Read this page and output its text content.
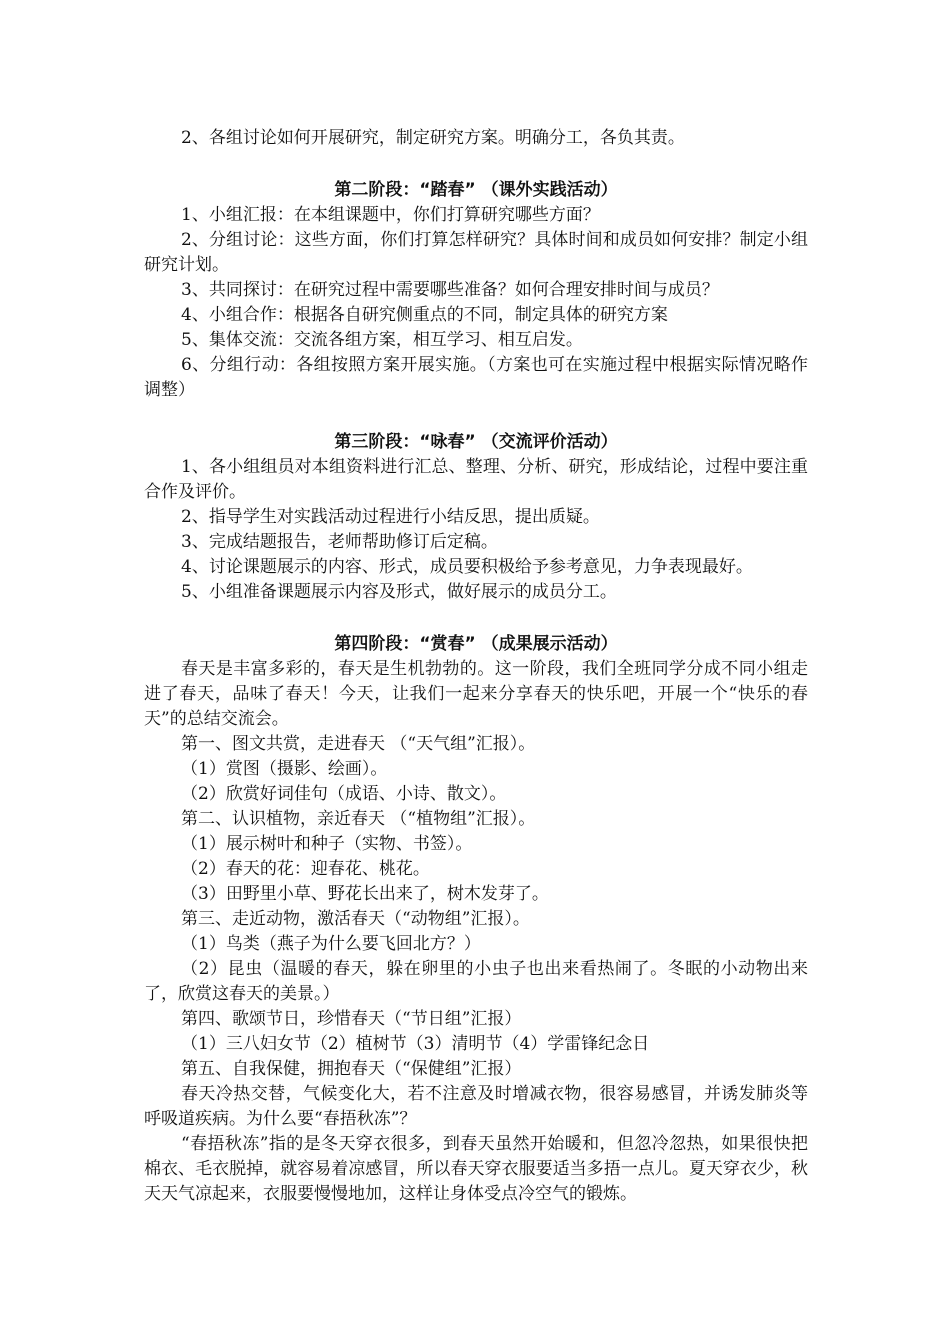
2、各组讨论如何开展研究，制定研究方案。明确分工，各负其责。

第二阶段：“踏春” （课外实践活动）

1、小组汇报：在本组课题中，你们打算研究哪些方面？

2、分组讨论：这些方面，你们打算怎样研究？具体时间和成员如何安排？制定小组研究计划。

3、共同探讨：在研究过程中需要哪些准备？如何合理安排时间与成员？

4、小组合作：根据各自研究侧重点的不同，制定具体的研究方案

5、集体交流：交流各组方案，相互学习、相互启发。

6、分组行动：各组按照方案开展实施。（方案也可在实施过程中根据实际情况略作调整）

第三阶段：“咏春” （交流评价活动）

1、各小组组员对本组资料进行汇总、整理、分析、研究，形成结论，过程中要注重合作及评价。

2、指导学生对实践活动过程进行小结反思，提出质疑。

3、完成结题报告，老师帮助修订后定稿。

4、讨论课题展示的内容、形式，成员要积极给予参考意见，力争表现最好。

5、小组准备课题展示内容及形式，做好展示的成员分工。

第四阶段：“赏春” （成果展示活动）

春天是丰富多彩的，春天是生机勃勃的。这一阶段，我们全班同学分成不同小组走进了春天，品味了春天！今天，让我们一起来分享春天的快乐吧，开展一个“快乐的春天”的总结交流会。

第一、图文共赏，走进春天 （“天气组”汇报）。

（1）赏图（摄影、绘画）。

（2）欣赏好词佳句（成语、小诗、散文）。

第二、认识植物，亲近春天 （“植物组”汇报）。

（1）展示树叶和种子（实物、书签）。

（2）春天的花：迎春花、桃花。

（3）田野里小草、野花长出来了，树木发芽了。

第三、走近动物，激活春天（“动物组”汇报）。

（1）鸟类（燕子为什么要飞回北方？）

（2）昆虫（温暖的春天，躲在卵里的小虫子也出来看热闹了。冬眠的小动物出来了，欣赏这春天的美景。）

第四、歌颂节日，珍惜春天（“节日组”汇报）

（1）三八妇女节（2）植树节（3）清明节（4）学雷锋纪念日

第五、自我保健，拥抱春天（“保健组”汇报）

春天冷热交替，气候变化大，若不注意及时增减衣物，很容易感冒，并诱发肺炎等呼吸道疾病。为什么要“春捂秋冻”？

“春捂秋冻”指的是冬天穿衣很多，到春天虽然开始暖和，但忽冷忽热，如果很快把棉衣、毛衣脱掉，就容易着凉感冒，所以春天穿衣服要适当多捂一点儿。夏天穿衣少，秋天天气凉起来，衣服要慢慢地加，这样让身体受点冷空气的锻炼。
